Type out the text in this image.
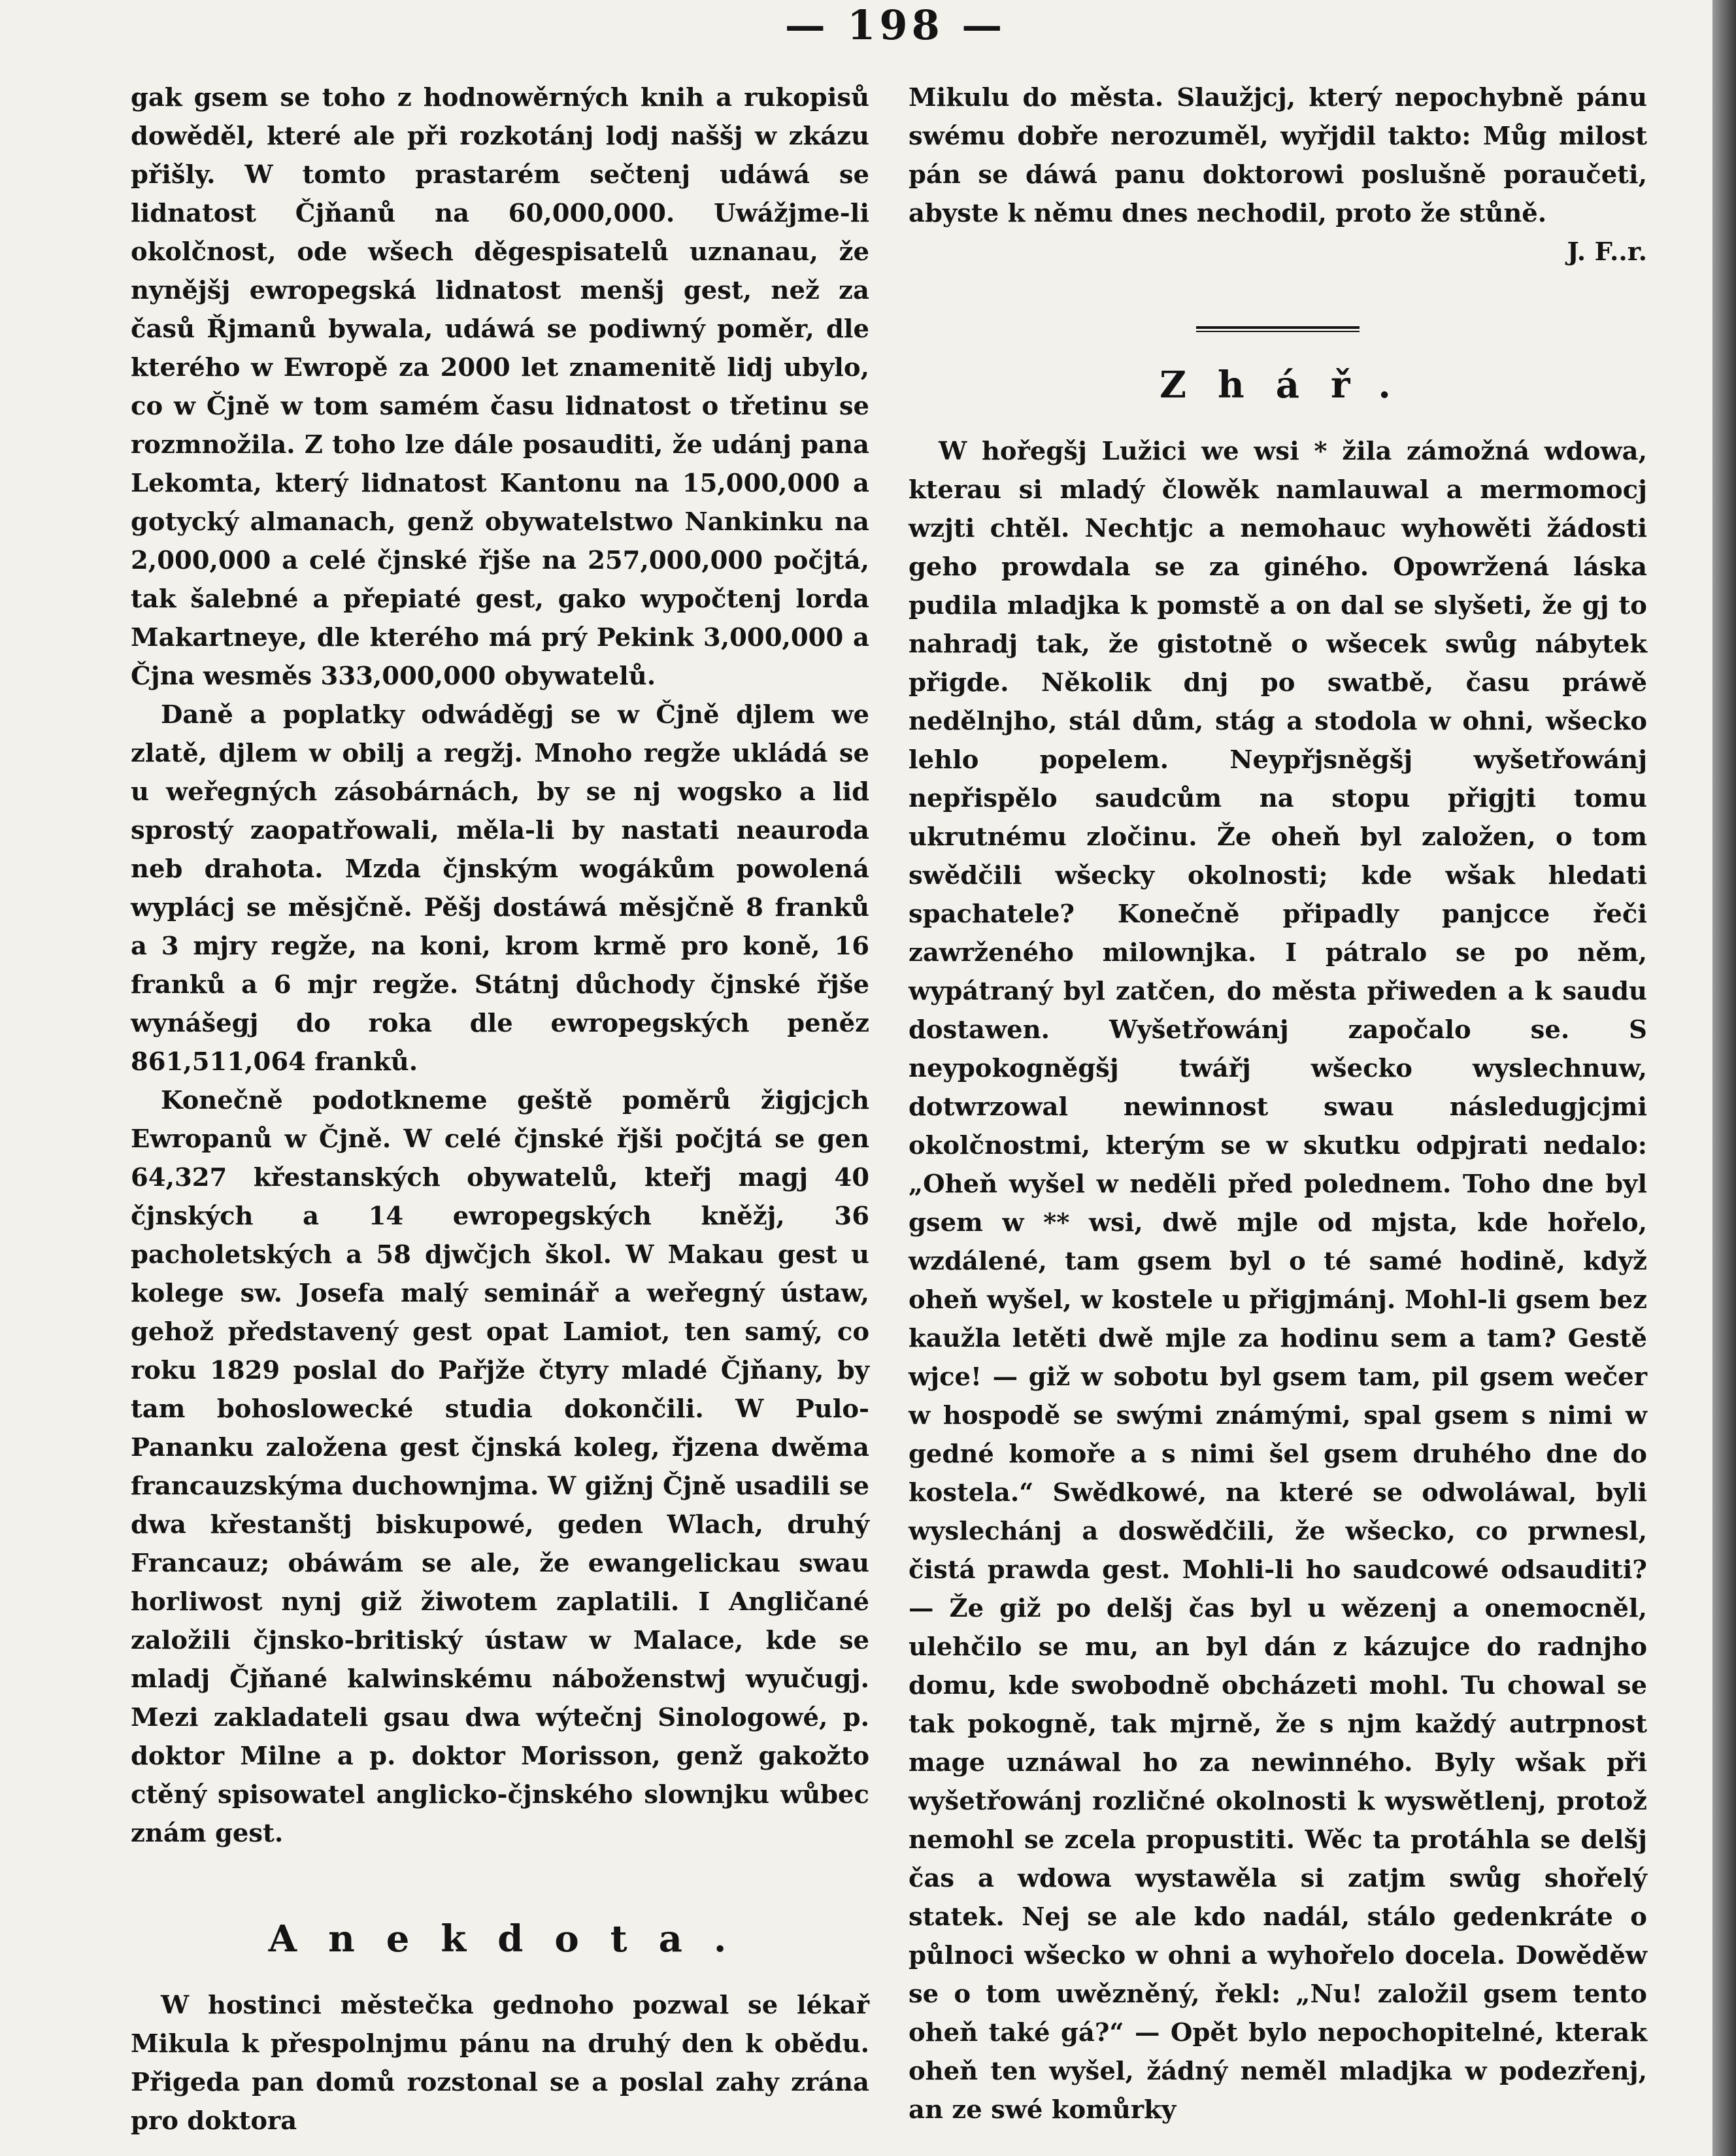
— 198 —

gak gsem se toho z hodnowěrných knih a rukopisů dowěděl, které ale při rozkotánj lodj naššj w zkázu přišly. W tomto prastarém sečtenj udáwá se lidnatost Čjňanů na 60,000,000. Uwážjme-li okolčnost, ode wšech děgespisatelů uznanau, že nynějšj ewropegská lidnatost menšj gest, než za časů Řjmanů bywala, udáwá se podiwný poměr, dle kterého w Ewropě za 2000 let znamenitě lidj ubylo, co w Čjně w tom samém času lidnatost o třetinu se rozmnožila. Z toho lze dále posauditi, že udánj pana Lekomta, který lidnatost Kantonu na 15,000,000 a gotycký almanach, genž obywatelstwo Nankinku na 2,000,000 a celé čjnské řjše na 257,000,000 počjtá, tak šalebné a přepiaté gest, gako wypočtenj lorda Makartneye, dle kterého má prý Pekink 3,000,000 a Čjna wesměs 333,000,000 obywatelů.

Daně a poplatky odwáděgj se w Čjně djlem we zlatě, djlem w obilj a regžj. Mnoho regže ukládá se u weřegných zásobárnách, by se nj wogsko a lid sprostý zaopatřowali, měla-li by nastati neauroda neb drahota. Mzda čjnským wogákům powolená wyplácj se měsjčně. Pěšj dostáwá měsjčně 8 franků a 3 mjry regže, na koni, krom krmě pro koně, 16 franků a 6 mjr regže. Státnj důchody čjnské řjše wynášegj do roka dle ewropegských peněz 861,511,064 franků.

Konečně podotkneme geště poměrů žigjcjch Ewropanů w Čjně. W celé čjnské řjši počjtá se gen 64,327 křestanských obywatelů, kteřj magj 40 čjnských a 14 ewropegských kněžj, 36 pacholetských a 58 djwčjch škol. W Makau gest u kolege sw. Josefa malý seminář a weřegný ústaw, gehož představený gest opat Lamiot, ten samý, co roku 1829 poslal do Pařjže čtyry mladé Čjňany, by tam bohoslowecké studia dokončili. W Pulo-Pananku založena gest čjnská koleg, řjzena dwěma francauzskýma duchownjma. W gižnj Čjně usadili se dwa křestanštj biskupowé, geden Wlach, druhý Francauz; obáwám se ale, že ewangelickau swau horliwost nynj giž žiwotem zaplatili. I Angličané založili čjnsko-britiský ústaw w Malace, kde se mladj Čjňané kalwinskému náboženstwj wyučugj. Mezi zakladateli gsau dwa wýtečnj Sinologowé, p. doktor Milne a p. doktor Morisson, genž gakožto ctěný spisowatel anglicko-čjnského slownjku wůbec znám gest.

Anekdota.

W hostinci městečka gednoho pozwal se lékař Mikula k přespolnjmu pánu na druhý den k obědu. Přigeda pan domů rozstonal se a poslal zahy zrána pro doktora

Mikulu do města. Slaužjcj, který nepochybně pánu swému dobře nerozuměl, wyřjdil takto: Můg milost pán se dáwá panu doktorowi poslušně poraučeti, abyste k němu dnes nechodil, proto že stůně.

J. F..r.

Zhář.

W hořegšj Lužici we wsi * žila zámožná wdowa, kterau si mladý člowěk namlauwal a mermomocj wzjti chtěl. Nechtjc a nemohauc wyhowěti žádosti geho prowdala se za giného. Opowržená láska pudila mladjka k pomstě a on dal se slyšeti, že gj to nahradj tak, že gistotně o wšecek swůg nábytek přigde. Několik dnj po swatbě, času práwě nedělnjho, stál dům, stág a stodola w ohni, wšecko lehlo popelem. Neypřjsněgšj wyšetřowánj nepřispělo saudcům na stopu přigjti tomu ukrutnému zločinu. Že oheň byl založen, o tom swědčili wšecky okolnosti; kde wšak hledati spachatele? Konečně připadly panjcce řeči zawrženého milownjka. I pátralo se po něm, wypátraný byl zatčen, do města přiweden a k saudu dostawen. Wyšetřowánj započalo se. S neypokogněgšj twářj wšecko wyslechnuw, dotwrzowal newinnost swau následugjcjmi okolčnostmi, kterým se w skutku odpjrati nedalo: „Oheň wyšel w neděli před polednem. Toho dne byl gsem w ** wsi, dwě mjle od mjsta, kde hořelo, wzdálené, tam gsem byl o té samé hodině, když oheň wyšel, w kostele u přigjmánj. Mohl-li gsem bez kaužla letěti dwě mjle za hodinu sem a tam? Gestě wjce! — giž w sobotu byl gsem tam, pil gsem wečer w hospodě se swými známými, spal gsem s nimi w gedné komoře a s nimi šel gsem druhého dne do kostela.“ Swědkowé, na které se odwoláwal, byli wyslechánj a doswědčili, že wšecko, co prwnesl, čistá prawda gest. Mohli-li ho saudcowé odsauditi? — Že giž po delšj čas byl u wězenj a onemocněl, ulehčilo se mu, an byl dán z kázujce do radnjho domu, kde swobodně obcházeti mohl. Tu chowal se tak pokogně, tak mjrně, že s njm každý autrpnost mage uznáwal ho za newinného. Byly wšak při wyšetřowánj rozličné okolnosti k wyswětlenj, protož nemohl se zcela propustiti. Wěc ta protáhla se delšj čas a wdowa wystawěla si zatjm swůg shořelý statek. Nej se ale kdo nadál, stálo gedenkráte o půlnoci wšecko w ohni a wyhořelo docela. Dowěděw se o tom uwězněný, řekl: „Nu! založil gsem tento oheň také gá?“ — Opět bylo nepochopitelné, kterak oheň ten wyšel, žádný neměl mladjka w podezřenj, an ze swé komůrky
